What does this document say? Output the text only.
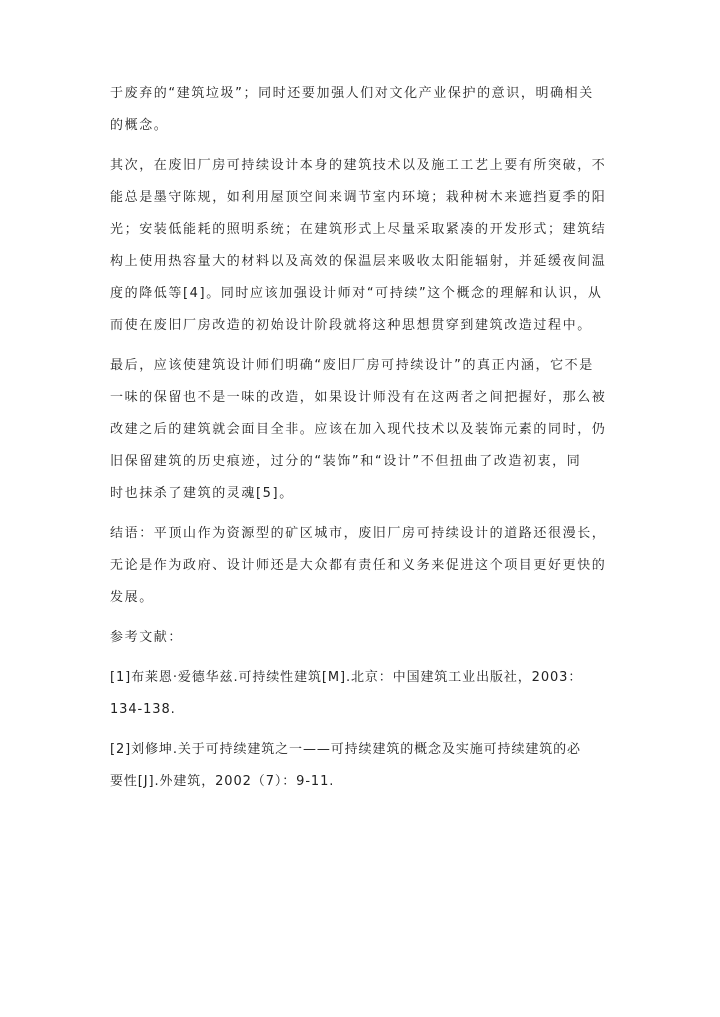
于废弃的“建筑垃圾”；同时还要加强人们对文化产业保护的意识，明确相关
的概念。
其次，在废旧厂房可持续设计本身的建筑技术以及施工工艺上要有所突破，不
能总是墨守陈规，如利用屋顶空间来调节室内环境；栽种树木来遮挡夏季的阳
光；安装低能耗的照明系统；在建筑形式上尽量采取紧凑的开发形式；建筑结
构上使用热容量大的材料以及高效的保温层来吸收太阳能辐射，并延缓夜间温
度的降低等[4]。同时应该加强设计师对“可持续”这个概念的理解和认识，从
而使在废旧厂房改造的初始设计阶段就将这种思想贯穿到建筑改造过程中。
最后，应该使建筑设计师们明确“废旧厂房可持续设计”的真正内涵，它不是
一味的保留也不是一味的改造，如果设计师没有在这两者之间把握好，那么被
改建之后的建筑就会面目全非。应该在加入现代技术以及装饰元素的同时，仍
旧保留建筑的历史痕迹，过分的“装饰”和“设计”不但扭曲了改造初衷，同
时也抹杀了建筑的灵魂[5]。
结语：平顶山作为资源型的矿区城市，废旧厂房可持续设计的道路还很漫长，
无论是作为政府、设计师还是大众都有责任和义务来促进这个项目更好更快的
发展。
参考文献：
[1]布莱恩·爱德华兹.可持续性建筑[M].北京：中国建筑工业出版社，2003：
134-138.
[2]刘修坤.关于可持续建筑之一——可持续建筑的概念及实施可持续建筑的必
要性[J].外建筑，2002（7）：9-11.
